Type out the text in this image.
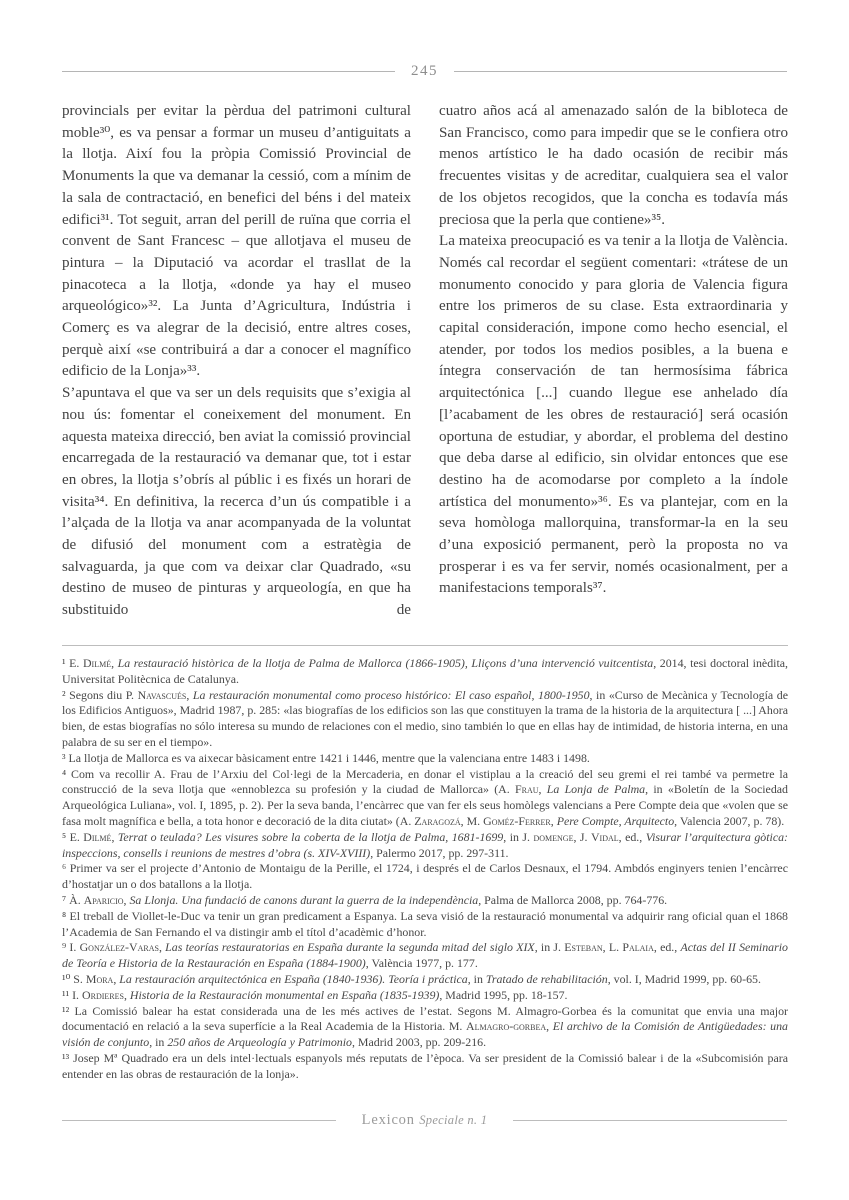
245

provincials per evitar la pèrdua del patrimoni cultural moble³⁰, es va pensar a formar un museu d’antiguitats a la llotja. Així fou la pròpia Comissió Provincial de Monuments la que va demanar la cessió, com a mínim de la sala de contractació, en benefici del béns i del mateix edifici³¹. Tot seguit, arran del perill de ruïna que corria el convent de Sant Francesc – que allotjava el museu de pintura – la Diputació va acordar el trasllat de la pinacoteca a la llotja, «donde ya hay el museo arqueológico»³². La Junta d’Agricultura, Indústria i Comerç es va alegrar de la decisió, entre altres coses, perquè així «se contribuirá a dar a conocer el magnífico edificio de la Lonja»³³.

S’apuntava el que va ser un dels requisits que s’exigia al nou ús: fomentar el coneixement del monument. En aquesta mateixa direcció, ben aviat la comissió provincial encarregada de la restauració va demanar que, tot i estar en obres, la llotja s’obrís al públic i es fixés un horari de visita³⁴. En definitiva, la recerca d’un ús compatible i a l’alçada de la llotja va anar acompanyada de la voluntat de difusió del monument com a estratègia de salvaguarda, ja que com va deixar clar Quadrado, «su destino de museo de pinturas y arqueología, en que ha substituido de

cuatro años acá al amenazado salón de la bibloteca de San Francisco, como para impedir que se le confiera otro menos artístico le ha dado ocasión de recibir más frecuentes visitas y de acreditar, cualquiera sea el valor de los objetos recogidos, que la concha es todavía más preciosa que la perla que contiene»³⁵.

La mateixa preocupació es va tenir a la llotja de València. Només cal recordar el següent comentari: «trátese de un monumento conocido y para gloria de Valencia figura entre los primeros de su clase. Esta extraordinaria y capital consideración, impone como hecho esencial, el atender, por todos los medios posibles, a la buena e íntegra conservación de tan hermosísima fábrica arquitectónica [...] cuando llegue ese anhelado día [l’acabament de les obres de restauració] será ocasión oportuna de estudiar, y abordar, el problema del destino que deba darse al edificio, sin olvidar entonces que ese destino ha de acomodarse por completo a la índole artística del monumento»³⁶. Es va plantejar, com en la seva homòloga mallorquina, transformar-la en la seu d’una exposició permanent, però la proposta no va prosperar i es va fer servir, només ocasionalment, per a manifestacions temporals³⁷.

¹ E. Dilmé, La restauració històrica de la llotja de Palma de Mallorca (1866-1905), Lliçons d’una intervenció vuitcentista, 2014, tesi doctoral inèdita, Universitat Politècnica de Catalunya.

² Segons diu P. Navascués, La restauración monumental como proceso histórico: El caso español, 1800-1950, in «Curso de Mecànica y Tecnología de los Edificios Antiguos», Madrid 1987, p. 285: «las biografías de los edificios son las que constituyen la trama de la historia de la arquitectura [ ...] Ahora bien, de estas biografías no sólo interesa su mundo de relaciones con el medio, sino también lo que en ellas hay de intimidad, de historia interna, en una palabra de su ser en el tiempo».

³ La llotja de Mallorca es va aixecar bàsicament entre 1421 i 1446, mentre que la valenciana entre 1483 i 1498.

⁴ Com va recollir A. Frau de l’Arxiu del Col·legi de la Mercaderia, en donar el vistiplau a la creació del seu gremi el rei també va permetre la construcció de la seva llotja que «ennoblezca su profesión y la ciudad de Mallorca» (A. Frau, La Lonja de Palma, in «Boletín de la Sociedad Arqueológica Luliana», vol. I, 1895, p. 2). Per la seva banda, l’encàrrec que van fer els seus homòlegs valencians a Pere Compte deia que «volen que se fasa molt magnífica e bella, a tota honor e decoració de la dita ciutat» (A. Zaragozá, M. Goméz-Ferrer, Pere Compte, Arquitecto, Valencia 2007, p. 78).

⁵ E. Dilmé, Terrat o teulada? Les visures sobre la coberta de la llotja de Palma, 1681-1699, in J. domenge, J. Vidal, ed., Visurar l’arquitectura gòtica: inspeccions, consells i reunions de mestres d’obra (s. XIV-XVIII), Palermo 2017, pp. 297-311.

⁶ Primer va ser el projecte d’Antonio de Montaigu de la Perille, el 1724, i després el de Carlos Desnaux, el 1794. Ambdós enginyers tenien l’encàrrec d’hostatjar un o dos batallons a la llotja.

⁷ À. Aparicio, Sa Llonja. Una fundació de canons durant la guerra de la independència, Palma de Mallorca 2008, pp. 764-776.

⁸ El treball de Viollet-le-Duc va tenir un gran predicament a Espanya. La seva visió de la restauració monumental va adquirir rang oficial quan el 1868 l’Academia de San Fernando el va distingir amb el títol d’acadèmic d’honor.

⁹ I. González-Varas, Las teorías restauratorias en España durante la segunda mitad del siglo XIX, in J. Esteban, L. Palaia, ed., Actas del II Seminario de Teoría e Historia de la Restauración en España (1884-1900), València 1977, p. 177.

¹⁰ S. Mora, La restauración arquitectónica en España (1840-1936). Teoría i práctica, in Tratado de rehabilitación, vol. I, Madrid 1999, pp. 60-65.

¹¹ I. Ordieres, Historia de la Restauración monumental en España (1835-1939), Madrid 1995, pp. 18-157.

¹² La Comissió balear ha estat considerada una de les més actives de l’estat. Segons M. Almagro-Gorbea és la comunitat que envia una major documentació en relació a la seva superfície a la Real Academia de la Historia. M. Almagro-gorbea, El archivo de la Comisión de Antigüedades: una visión de conjunto, in 250 años de Arqueología y Patrimonio, Madrid 2003, pp. 209-216.

¹³ Josep Mª Quadrado era un dels intel·lectuals espanyols més reputats de l’època. Va ser president de la Comissió balear i de la «Subcomisión para entender en las obras de restauración de la lonja».

Lexicon Speciale n. 1
